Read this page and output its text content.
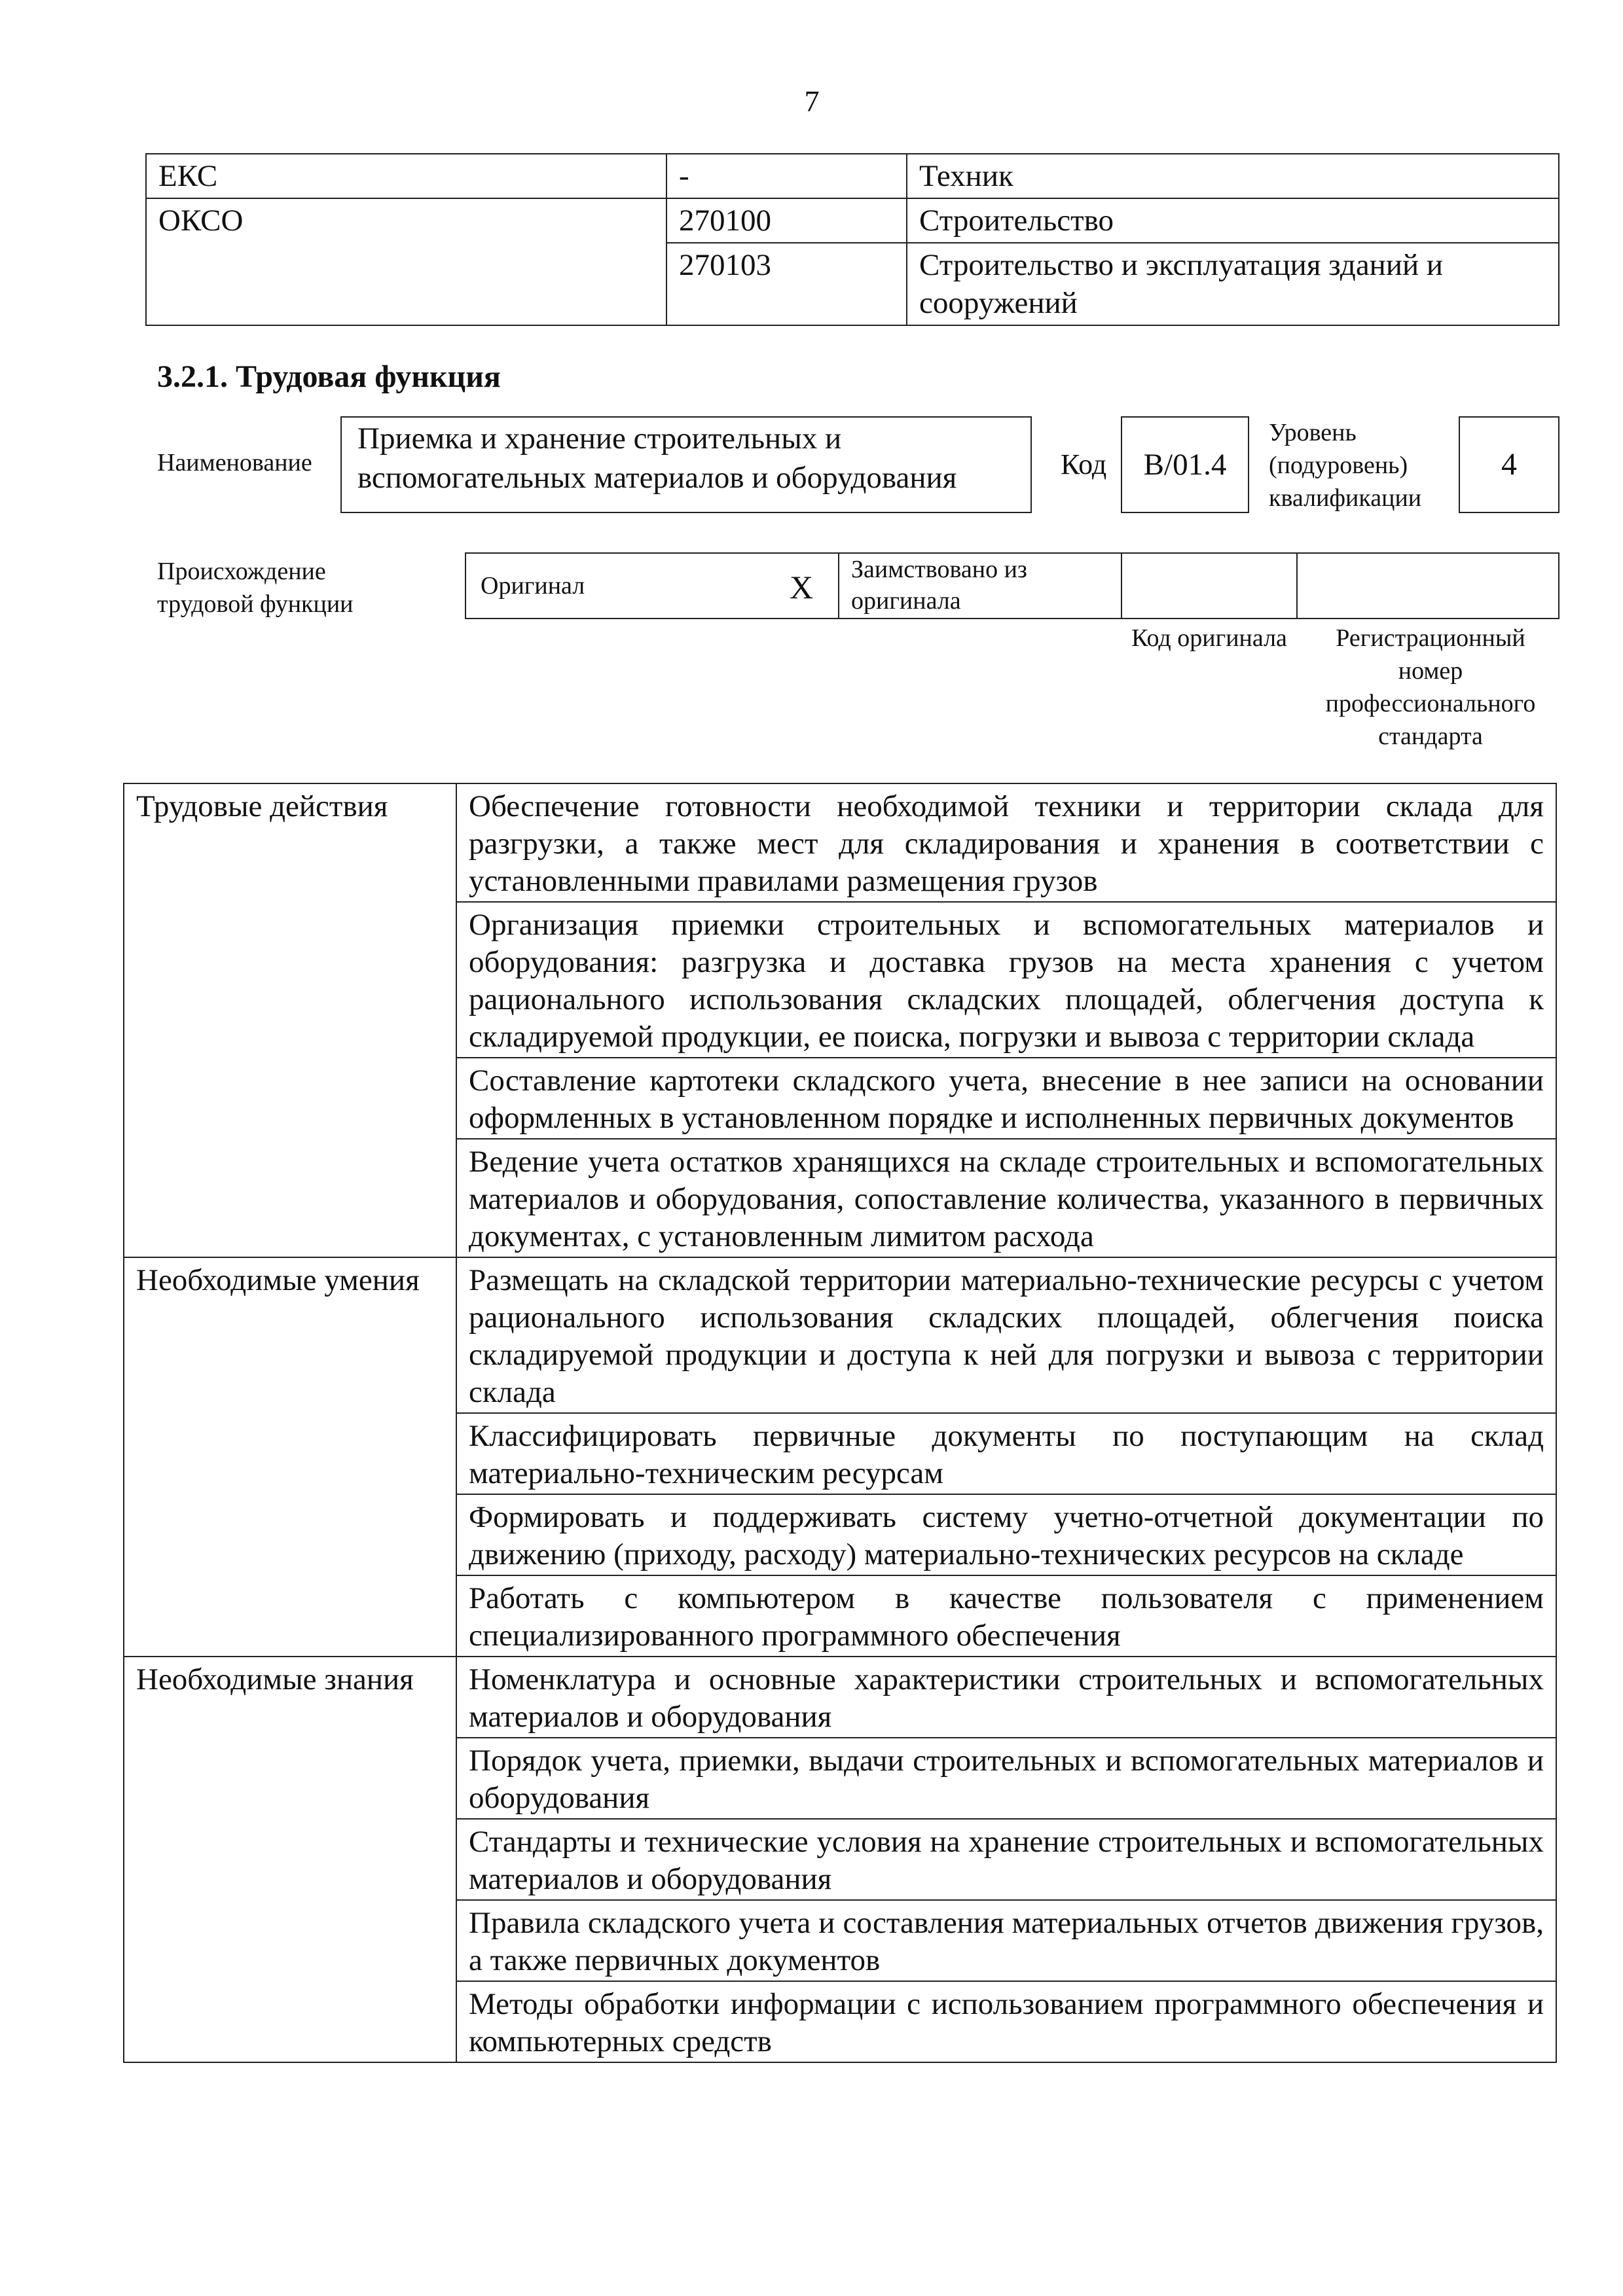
7
ЕКС	-	Техник
ОКСО	270100	Строительство
	270103	Строительство и эксплуатация зданий и сооружений
3.2.1. Трудовая функция
Наименование
Приемка и хранение строительных и вспомогательных материалов и оборудования	Код	B/01.4
Уровень (подуровень) квалификации
4
Происхождение трудовой функции
Оригинал	X	Заимствовано из оригинала
Код оригинала	Регистрационный номер профессионального стандарта
Трудовые действия	Обеспечение готовности необходимой техники и территории склада для разгрузки, а также мест для складирования и хранения в соответствии с установленными правилами размещения грузов
	Организация приемки строительных и вспомогательных материалов и оборудования: разгрузка и доставка грузов на места хранения с учетом рационального использования складских площадей, облегчения доступа к складируемой продукции, ее поиска, погрузки и вывоза с территории склада
	Составление картотеки складского учета, внесение в нее записи на основании оформленных в установленном порядке и исполненных первичных документов
	Ведение учета остатков хранящихся на складе строительных и вспомогательных материалов и оборудования, сопоставление количества, указанного в первичных документах, с установленным лимитом расхода
Необходимые умения	Размещать на складской территории материально-технические ресурсы с учетом рационального использования складских площадей, облегчения поиска складируемой продукции и доступа к ней для погрузки и вывоза с территории склада
	Классифицировать первичные документы по поступающим на склад материально-техническим ресурсам
	Формировать и поддерживать систему учетно-отчетной документации по движению (приходу, расходу) материально-технических ресурсов на складе
	Работать с компьютером в качестве пользователя с применением специализированного программного обеспечения
Необходимые знания	Номенклатура и основные характеристики строительных и вспомогательных материалов и оборудования
	Порядок учета, приемки, выдачи строительных и вспомогательных материалов и оборудования
	Стандарты и технические условия на хранение строительных и вспомогательных материалов и оборудования
	Правила складского учета и составления материальных отчетов движения грузов, а также первичных документов
	Методы обработки информации с использованием программного обеспечения и компьютерных средств
